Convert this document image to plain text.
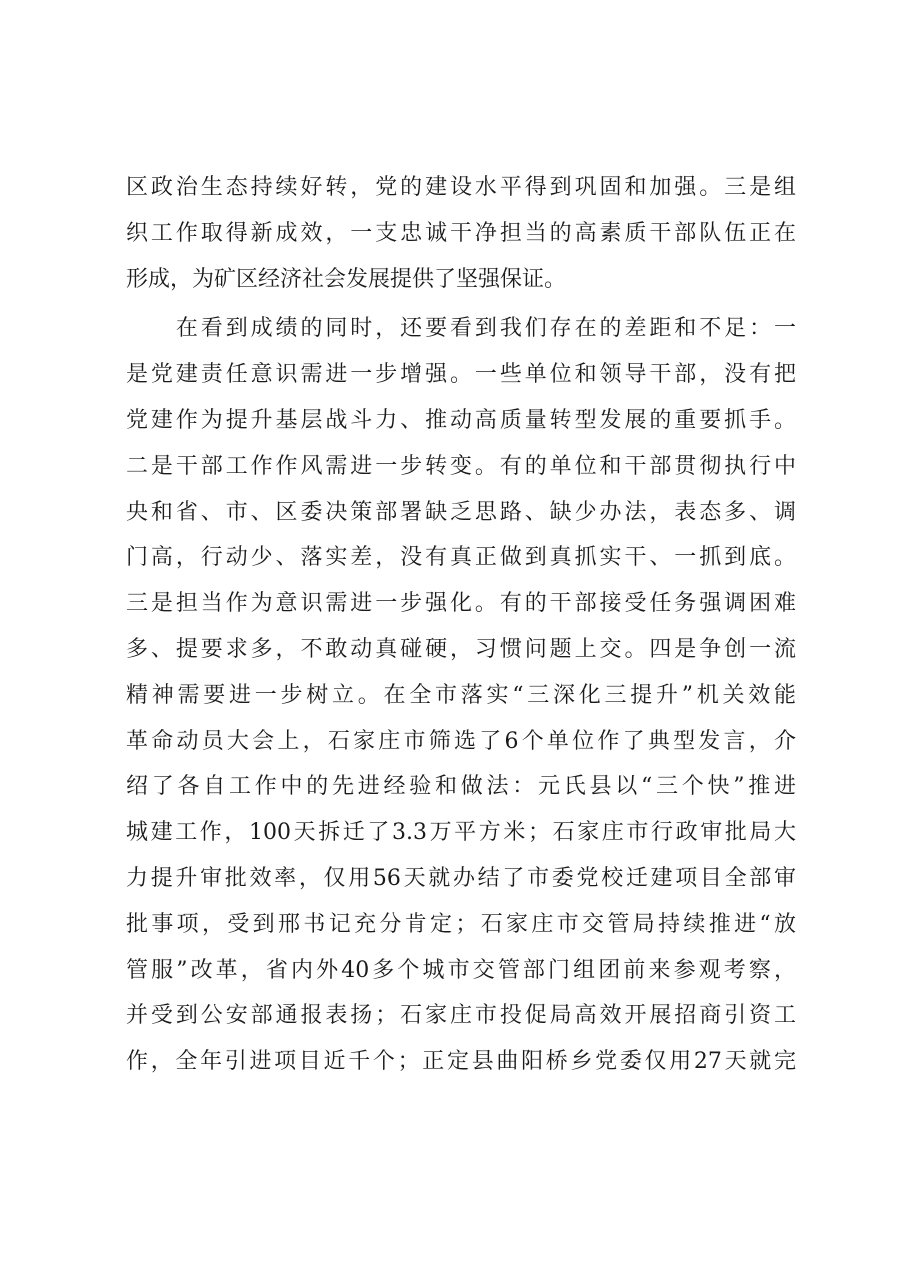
区政治生态持续好转，党的建设水平得到巩固和加强。三是组
织工作取得新成效，一支忠诚干净担当的高素质干部队伍正在
形成，为矿区经济社会发展提供了坚强保证。
　　在看到成绩的同时，还要看到我们存在的差距和不足：一
是党建责任意识需进一步增强。一些单位和领导干部，没有把
党建作为提升基层战斗力、推动高质量转型发展的重要抓手。
二是干部工作作风需进一步转变。有的单位和干部贯彻执行中
央和省、市、区委决策部署缺乏思路、缺少办法，表态多、调
门高，行动少、落实差，没有真正做到真抓实干、一抓到底。
三是担当作为意识需进一步强化。有的干部接受任务强调困难
多、提要求多，不敢动真碰硬，习惯问题上交。四是争创一流
精神需要进一步树立。在全市落实“三深化三提升”机关效能
革命动员大会上，石家庄市筛选了6个单位作了典型发言，介
绍了各自工作中的先进经验和做法：元氏县以“三个快”推进
城建工作，100天拆迁了3.3万平方米；石家庄市行政审批局大
力提升审批效率，仅用56天就办结了市委党校迁建项目全部审
批事项，受到邢书记充分肯定；石家庄市交管局持续推进“放
管服”改革，省内外40多个城市交管部门组团前来参观考察，
并受到公安部通报表扬；石家庄市投促局高效开展招商引资工
作，全年引进项目近千个；正定县曲阳桥乡党委仅用27天就完
